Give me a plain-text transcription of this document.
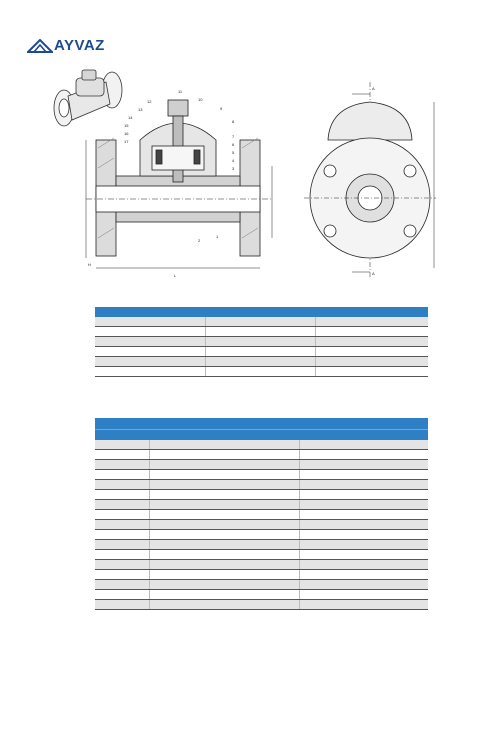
AYVAZ
11
10
12
13
14
15
16
17
9
8
7
6
5
4
3
1
2
H
L
A
A
